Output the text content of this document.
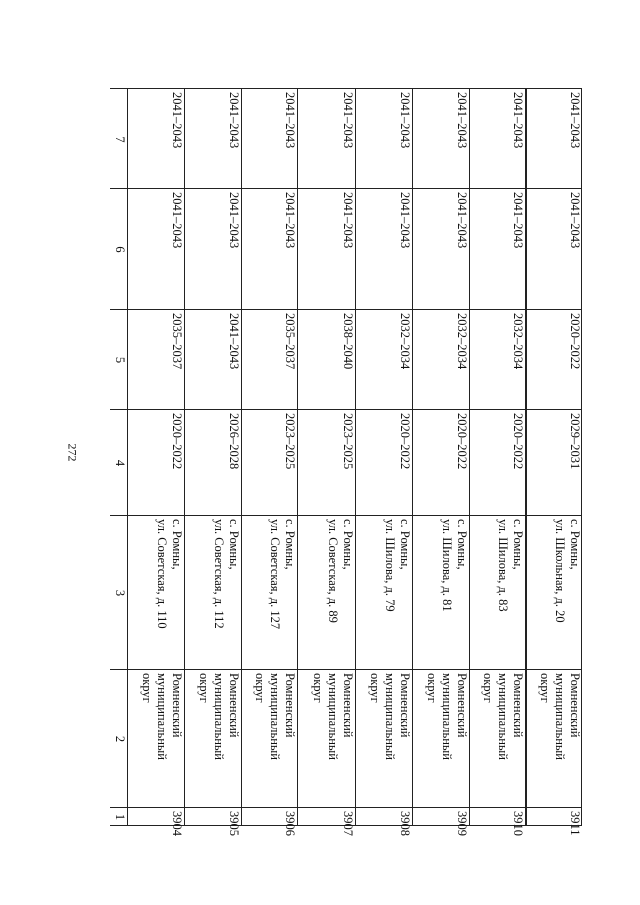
272
1
2
3
4
5
6
7
3904
Ромненский
муниципальный
округ
с. Ромны,
ул. Советская, д. 110
2020–2022
2035–2037
2041–2043
2041–2043
3905
Ромненский
муниципальный
округ
с. Ромны,
ул. Советская, д. 112
2026–2028
2041–2043
2041–2043
2041–2043
3906
Ромненский
муниципальный
округ
с. Ромны,
ул. Советская, д. 127
2023–2025
2035–2037
2041–2043
2041–2043
3907
Ромненский
муниципальный
округ
с. Ромны,
ул. Советская, д. 89
2023–2025
2038–2040
2041–2043
2041–2043
3908
Ромненский
муниципальный
округ
с. Ромны,
ул. Шилова, д. 79
2020–2022
2032–2034
2041–2043
2041–2043
3909
Ромненский
муниципальный
округ
с. Ромны,
ул. Шилова, д. 81
2020–2022
2032–2034
2041–2043
2041–2043
3910
Ромненский
муниципальный
округ
с. Ромны,
ул. Шилова, д. 83
2020–2022
2032–2034
2041–2043
2041–2043
3911
Ромненский
муниципальный
округ
с. Ромны,
ул. Школьная, д. 20
2029–2031
2020–2022
2041–2043
2041–2043
